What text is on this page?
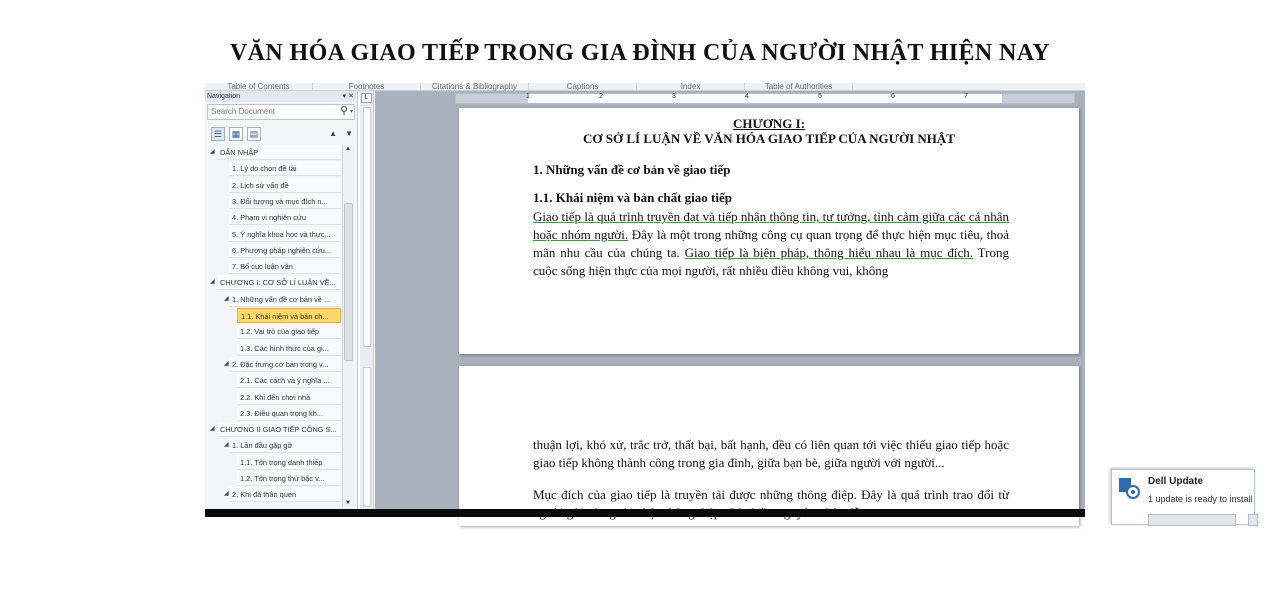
VĂN HÓA GIAO TIẾP TRONG GIA ĐÌNH CỦA NGƯỜI NHẬT HIỆN NAY
Table of Contents	Footnotes	Citations & Bibliography	Captions	Index	Table of Authorities
Navigation	▾ ✕
Search Document	⚲ ▾
☰	▦	▤	▲ ▼
◢ DẪN NHẬP
1. Lý do chọn đề tài
2. Lịch sử vấn đề
3. Đối tượng và mục đích n...
4. Phạm vi nghiên cứu
5. Ý nghĩa khoa học và thực...
6. Phương pháp nghiên cứu...
7. Bố cục luận văn
◢ CHƯƠNG I: CƠ SỞ LÍ LUẬN VỀ...
◢ 1. Những vấn đề cơ bản về ...
1.1. Khái niệm và bản ch...
1.2. Vai trò của giao tiếp
1.3. Các hình thức của gi...
◢ 2. Đặc trưng cơ bản trong v...
2.1. Các cách và ý nghĩa ...
2.2. Khi đến chơi nhà
2.3. Điều quan trọng kh...
◢ CHƯƠNG II GIAO TIẾP CÔNG S...
◢ 1. Lần đầu gặp gỡ
1.1. Tôn trọng danh thiếp
1.2. Tôn trọng thứ bậc v...
◢ 2. Khi đã thân quen
▲
▼
L	1	2	3	4	5	6	7
CHƯƠNG I:
CƠ SỞ LÍ LUẬN VỀ VĂN HÓA GIAO TIẾP CỦA NGƯỜI NHẬT
1. Những vấn đề cơ bản về giao tiếp
1.1. Khái niệm và bản chất giao tiếp
Giao tiếp là quá trình truyền đạt và tiếp nhận thông tin, tư tưởng, tình cảm giữa các cá nhân hoặc nhóm người. Đây là một trong những công cụ quan trọng để thực hiện mục tiêu, thoả mãn nhu cầu của chúng ta. Giao tiếp là biện pháp, thông hiểu nhau là mục đích. Trong cuộc sống hiện thực của mọi người, rất nhiều điều không vui, không
thuận lợi, khó xử, trắc trở, thất bại, bất hạnh, đều có liên quan tới việc thiếu giao tiếp hoặc giao tiếp không thành công trong gia đình, giữa bạn bè, giữa người với người...
Mục đích của giao tiếp là truyền tải được những thông điệp. Đây là quá trình trao đổi từ
Dell Update
1 update is ready to install
